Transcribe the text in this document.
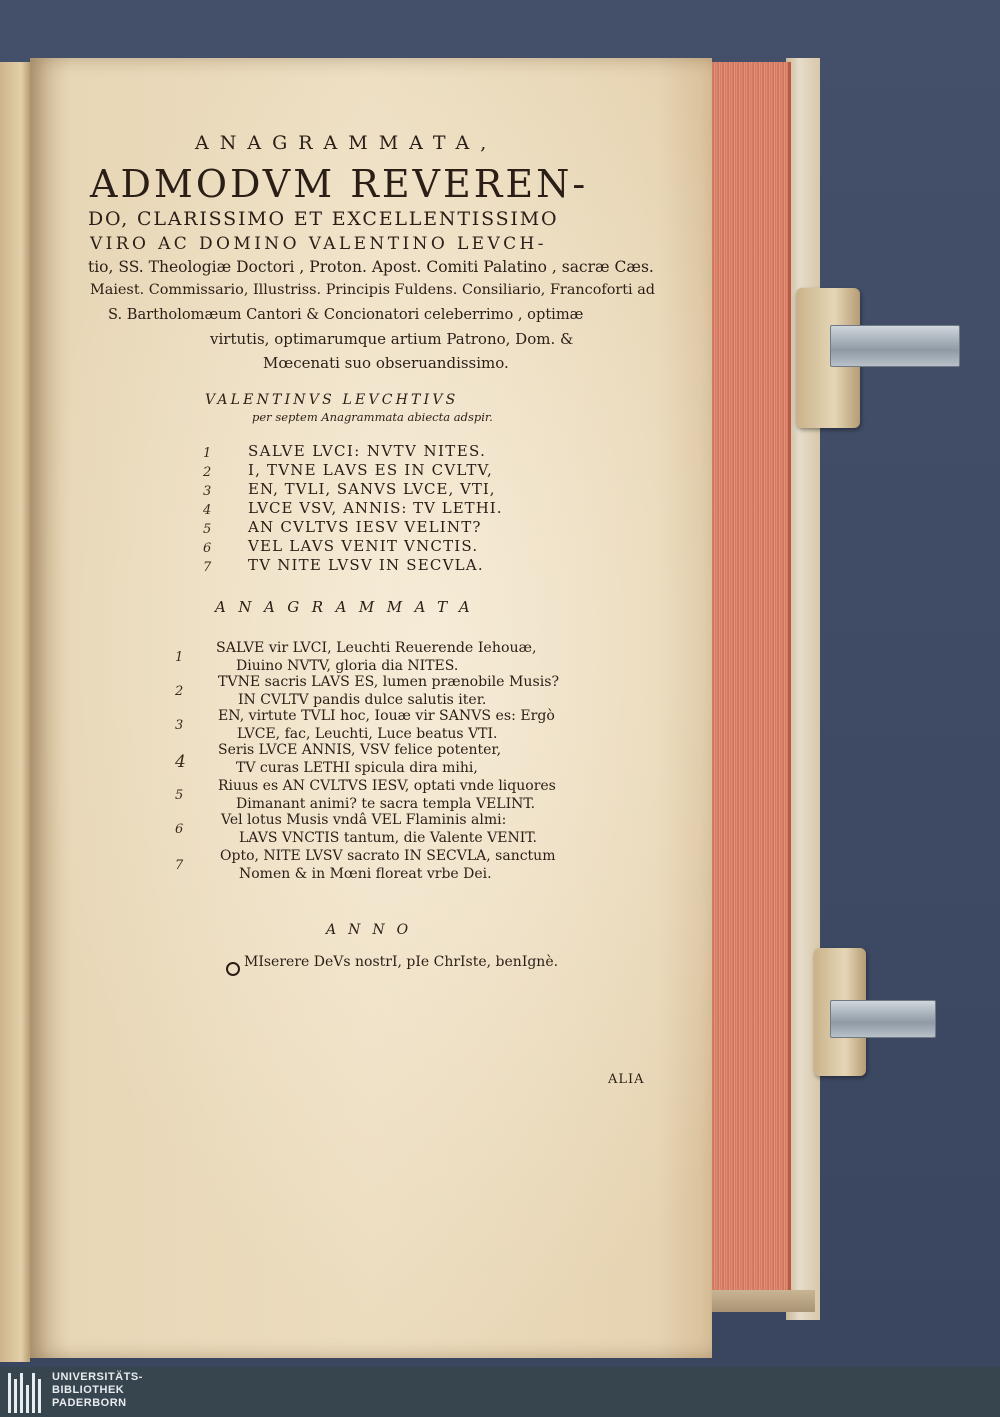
ANAGRAMMATA,
ADMODVM REVEREN-
DO, CLARISSIMO ET EXCELLENTISSIMO
VIRO AC DOMINO VALENTINO LEVCH-
tio, SS. Theologiæ Doctori , Proton. Apost. Comiti Palatino , sacræ Cæs.
Maiest. Commissario, Illustriss. Principis Fuldens. Consiliario, Francoforti ad
S. Bartholomæum Cantori & Concionatori celeberrimo , optimæ
virtutis, optimarumque artium Patrono, Dom. &
Mœcenati suo obseruandissimo.
VALENTINVS LEVCHTIVS
per septem Anagrammata abiecta adspir.
1 SALVE LVCI: NVTV NITES.
2 I, TVNE LAVS ES IN CVLTV,
3 EN, TVLI, SANVS LVCE, VTI,
4 LVCE VSV, ANNIS: TV LETHI.
5 AN CVLTVS IESV VELINT?
6 VEL LAVS VENIT VNCTIS.
7 TV NITE LVSV IN SECVLA.
ANAGRAMMATA
1
SALVE vir LVCI, Leuchti Reuerende Iehouæ,
Diuino NVTV, gloria dia NITES.
2
TVNE sacris LAVS ES, lumen prænobile Musis?
IN CVLTV pandis dulce salutis iter.
3
EN, virtute TVLI hoc, Iouæ vir SANVS es: Ergò
LVCE, fac, Leuchti, Luce beatus VTI.
4
Seris LVCE ANNIS, VSV felice potenter,
TV curas LETHI spicula dira mihi,
5
Riuus es AN CVLTVS IESV, optati vnde liquores
Dimanant animi? te sacra templa VELINT.
6
Vel lotus Musis vndâ VEL Flaminis almi:
LAVS VNCTIS tantum, die Valente VENIT.
7
Opto, NITE LVSV sacrato IN SECVLA, sanctum
Nomen & in Mœni floreat vrbe Dei.
ANNO
MIserere DeVs nostrI, pIe ChrIste, benIgnè.
ALIA
UNIVERSITÄTS-
BIBLIOTHEK
PADERBORN
